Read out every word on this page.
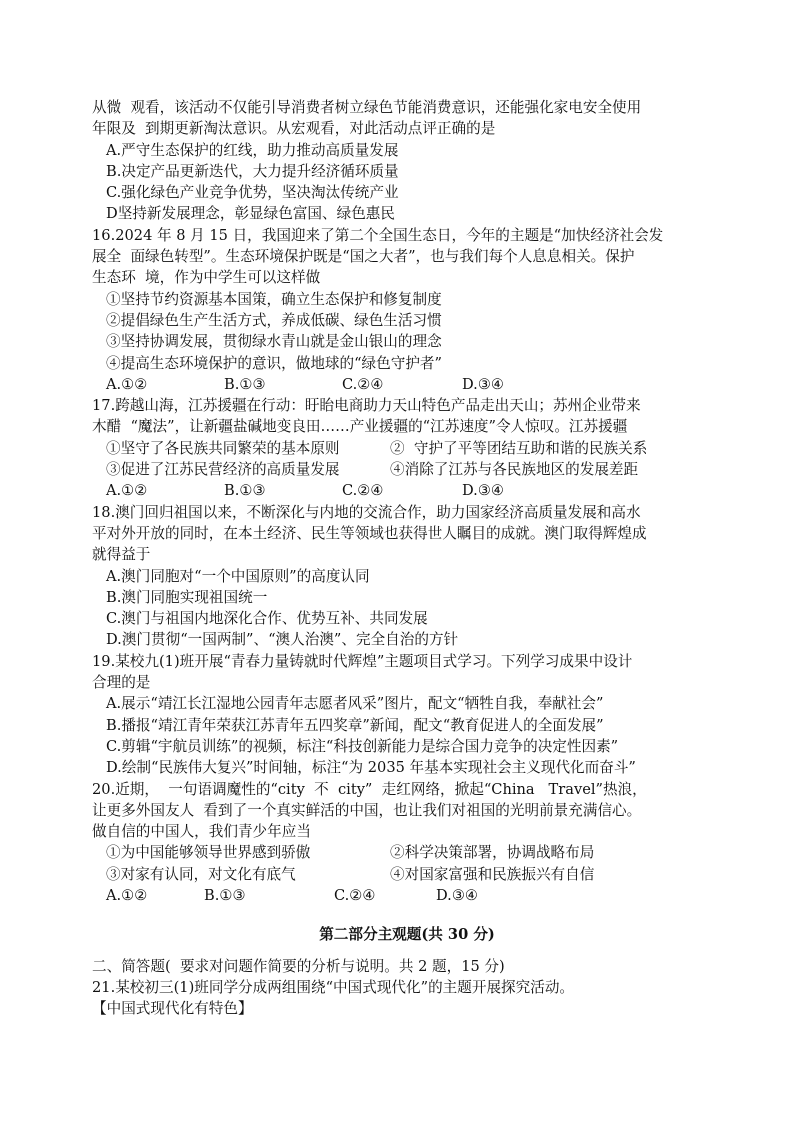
从微  观看，该活动不仅能引导消费者树立绿色节能消费意识，还能强化家电安全使用
年限及  到期更新淘汰意识。从宏观看，对此活动点评正确的是
A.严守生态保护的红线，助力推动高质量发展
B.决定产品更新迭代，大力提升经济循环质量
C.强化绿色产业竞争优势，坚决淘汰传统产业
D坚持新发展理念，彰显绿色富国、绿色惠民
16.2024 年 8 月 15 日，我国迎来了第二个全国生态日，今年的主题是“加快经济社会发
展全  面绿色转型”。生态环境保护既是“国之大者”，也与我们每个人息息相关。保护
生态环  境，作为中学生可以这样做
①坚持节约资源基本国策，确立生态保护和修复制度
②提倡绿色生产生活方式，养成低碳、绿色生活习惯
③坚持协调发展，贯彻绿水青山就是金山银山的理念
④提高生态环境保护的意识，做地球的“绿色守护者”
A.①②	B.①③	C.②④	D.③④
17.跨越山海，江苏援疆在行动：盱眙电商助力天山特色产品走出天山；苏州企业带来
木醋  “魔法”，让新疆盐碱地变良田……产业援疆的“江苏速度”令人惊叹。江苏援疆
①坚守了各民族共同繁荣的基本原则	②  守护了平等团结互助和谐的民族关系
③促进了江苏民营经济的高质量发展	④消除了江苏与各民族地区的发展差距
A.①②	B.①③	C.②④	D.③④
18.澳门回归祖国以来，不断深化与内地的交流合作，助力国家经济高质量发展和高水
平对外开放的同时，在本土经济、民生等领域也获得世人瞩目的成就。澳门取得辉煌成
就得益于
A.澳门同胞对“一个中国原则”的高度认同
B.澳门同胞实现祖国统一
C.澳门与祖国内地深化合作、优势互补、共同发展
D.澳门贯彻“一国两制”、“澳人治澳”、完全自治的方针
19.某校九(1)班开展“青春力量铸就时代辉煌”主题项目式学习。下列学习成果中设计
合理的是
A.展示“靖江长江湿地公园青年志愿者风采”图片，配文“牺牲自我，奉献社会”
B.播报“靖江青年荣获江苏青年五四奖章”新闻，配文“教育促进人的全面发展”
C.剪辑“宇航员训练”的视频，标注“科技创新能力是综合国力竞争的决定性因素”
D.绘制“民族伟大复兴”时间轴，标注“为 2035 年基本实现社会主义现代化而奋斗”
20.近期，  一句语调魔性的“city  不  city”  走红网络，掀起“China   Travel”热浪，
让更多外国友人  看到了一个真实鲜活的中国，也让我们对祖国的光明前景充满信心。
做自信的中国人，我们青少年应当
①为中国能够领导世界感到骄傲	②科学决策部署，协调战略布局
③对家有认同，对文化有底气	④对国家富强和民族振兴有自信
A.①②	B.①③	C.②④	D.③④
第二部分主观题(共 30 分)
二、简答题(  要求对问题作简要的分析与说明。共 2 题，15 分)
21.某校初三(1)班同学分成两组围绕“中国式现代化”的主题开展探究活动。
【中国式现代化有特色】
